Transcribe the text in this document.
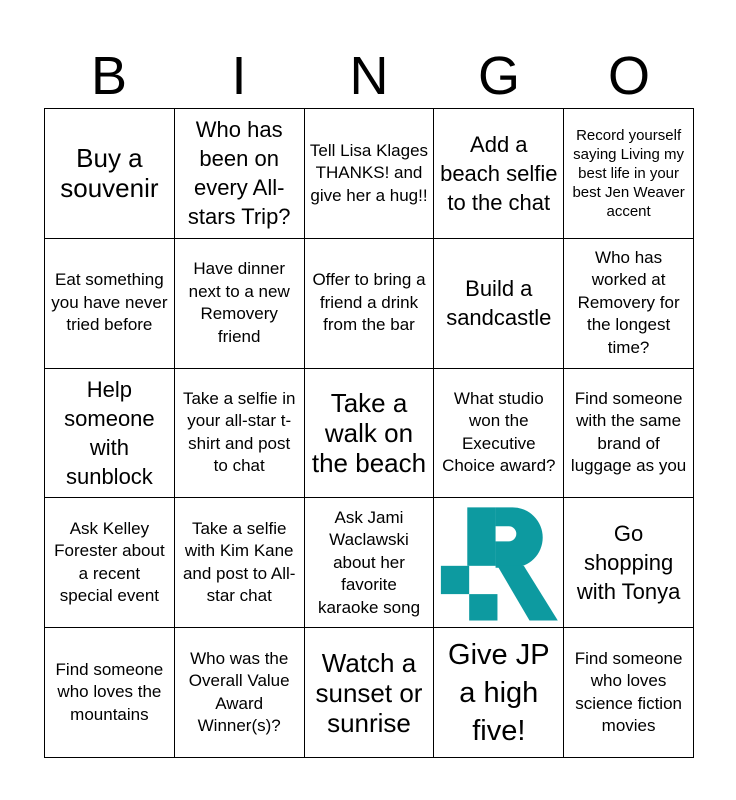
B	I	N	G	O
Buy a souvenir
Who has been on every All-stars Trip?
Tell Lisa Klages THANKS! and give her a hug!!
Add a beach selfie to the chat
Record yourself saying Living my best life in your best Jen Weaver accent
Eat something you have never tried before
Have dinner next to a new Removery friend
Offer to bring a friend a drink from the bar
Build a sandcastle
Who has worked at Removery for the longest time?
Help someone with sunblock
Take a selfie in your all-star t-shirt and post to chat
Take a walk on the beach
What studio won the Executive Choice award?
Find someone with the same brand of luggage as you
Ask Kelley Forester about a recent special event
Take a selfie with Kim Kane and post to All-star chat
Ask Jami Waclawski about her favorite karaoke song
Go shopping with Tonya
Find someone who loves the mountains
Who was the Overall Value Award Winner(s)?
Watch a sunset or sunrise
Give JP a high five!
Find someone who loves science fiction movies
